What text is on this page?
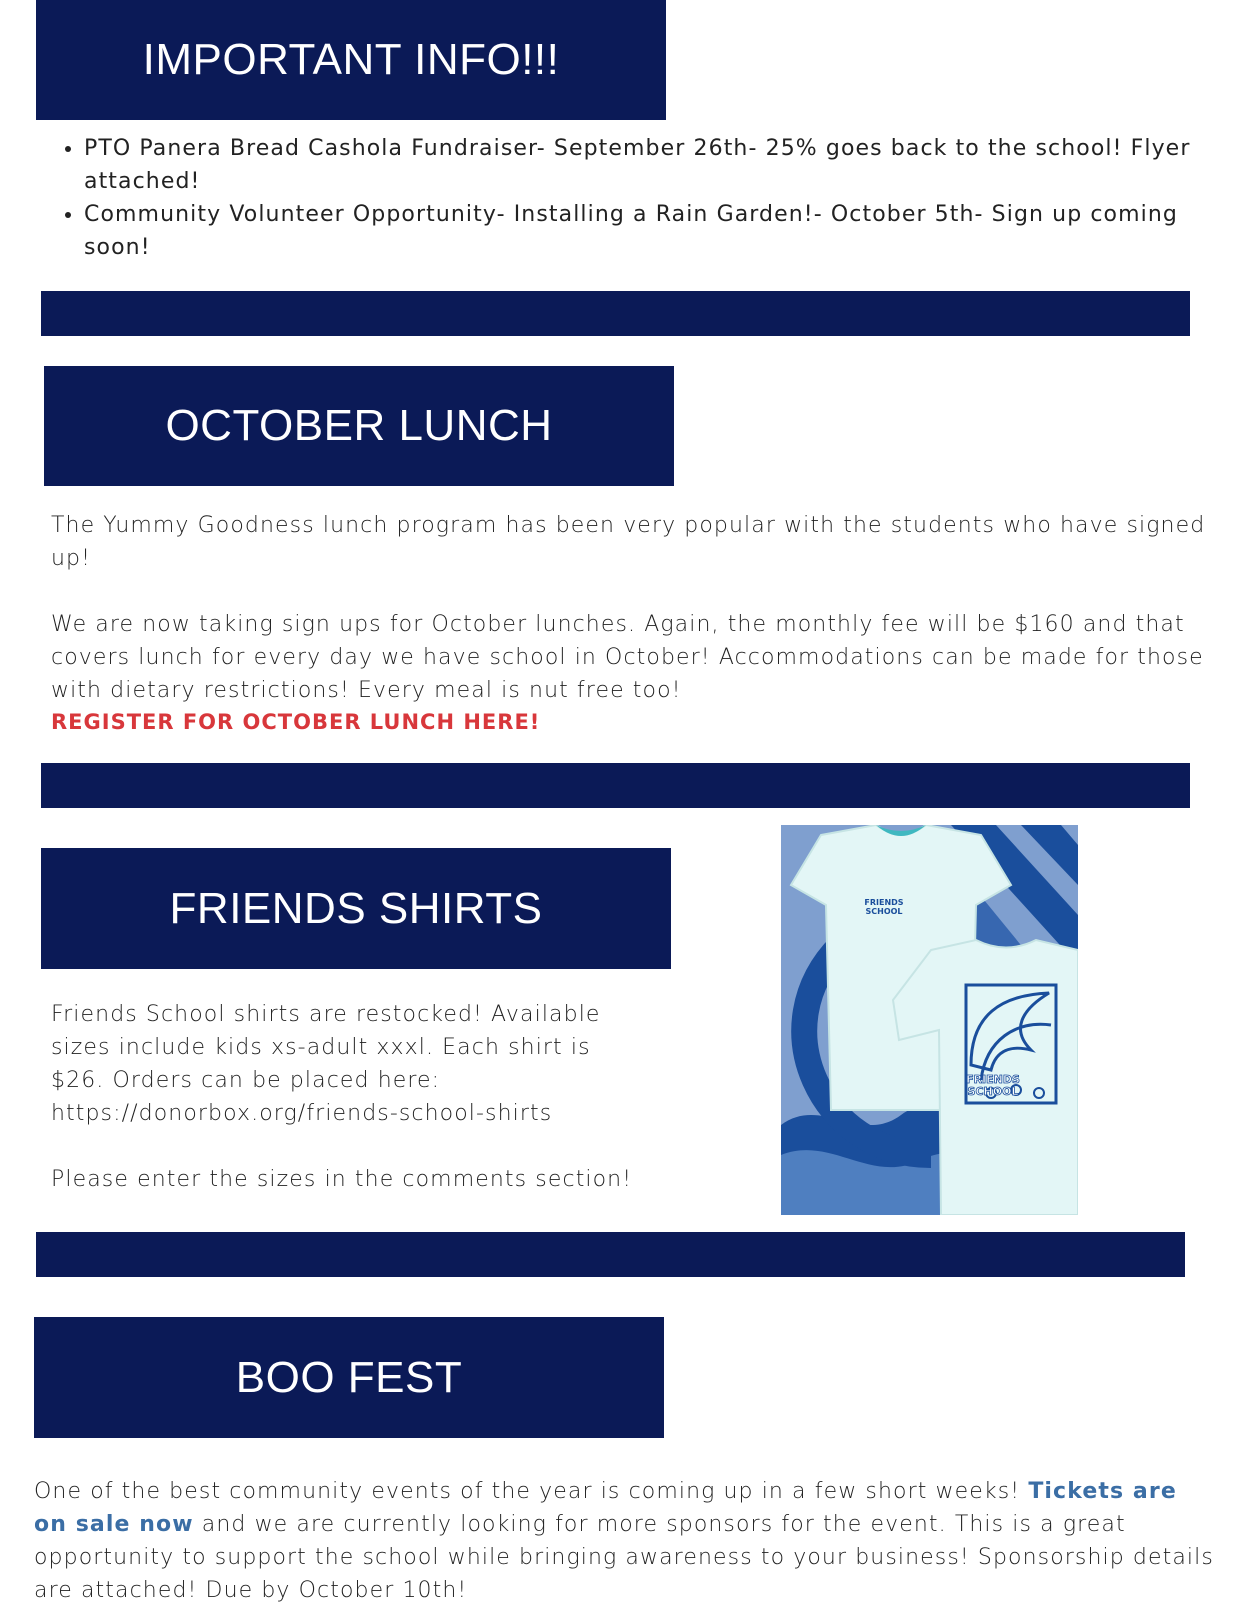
IMPORTANT INFO!!!
• PTO Panera Bread Cashola Fundraiser- September 26th- 25% goes back to the school! Flyer attached!
• Community Volunteer Opportunity- Installing a Rain Garden!- October 5th- Sign up coming soon!
OCTOBER LUNCH

The Yummy Goodness lunch program has been very popular with the students who have signed up!

We are now taking sign ups for October lunches. Again, the monthly fee will be $160 and that covers lunch for every day we have school in October! Accommodations can be made for those with dietary restrictions! Every meal is nut free too!

REGISTER FOR OCTOBER LUNCH HERE!
FRIENDS SHIRTS

Friends School shirts are restocked! Available sizes include kids xs-adult xxxl. Each shirt is $26. Orders can be placed here: https://donorbox.org/friends-school-shirts

Please enter the sizes in the comments section!

FRIENDS
SCHOOL
FRIENDS
SCHOOL
BOO FEST
One of the best community events of the year is coming up in a few short weeks! Tickets are on sale now and we are currently looking for more sponsors for the event. This is a great opportunity to support the school while bringing awareness to your business! Sponsorship details are attached! Due by October 10th!
